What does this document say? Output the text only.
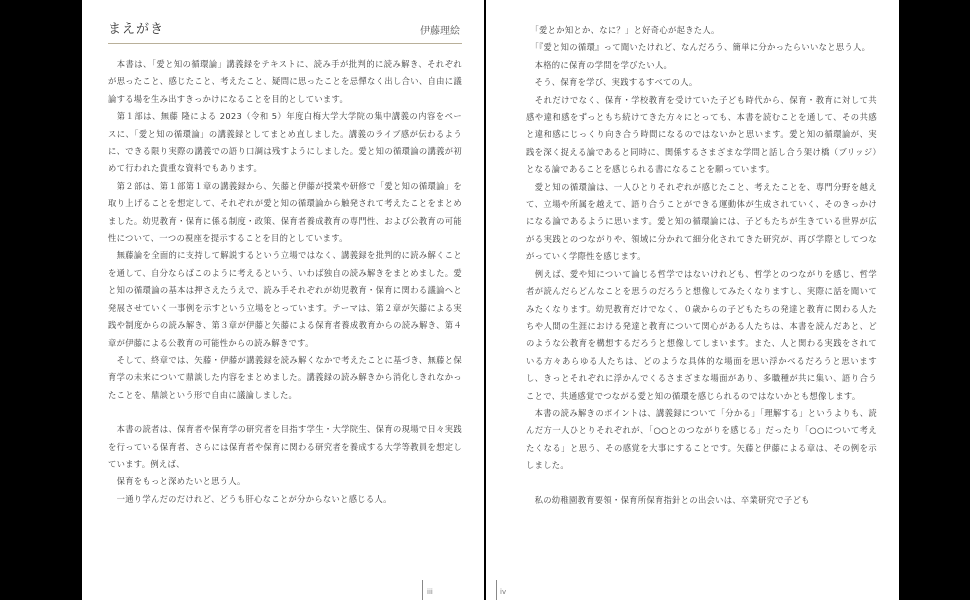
まえがき	伊藤理絵

　本書は、「愛と知の循環論」講義録をテキストに、読み手が批判的に読み解き、それぞれが思ったこと、感じたこと、考えたこと、疑問に思ったことを忌憚なく出し合い、自由に議論する場を生み出すきっかけになることを目的としています。

　第１部は、無藤 隆による 2023（令和 5）年度白梅大学大学院の集中講義の内容をベースに、「愛と知の循環論」の講義録としてまとめ直しました。講義のライブ感が伝わるように、できる限り実際の講義での語り口調は残すようにしました。愛と知の循環論の講義が初めて行われた貴重な資料でもあります。

　第２部は、第１部第１章の講義録から、矢藤と伊藤が授業や研修で「愛と知の循環論」を取り上げることを想定して、それぞれが愛と知の循環論から触発されて考えたことをまとめました。幼児教育・保育に係る制度・政策、保育者養成教育の専門性、および公教育の可能性について、一つの視座を提示することを目的としています。

　無藤論を全面的に支持して解説するという立場ではなく、講義録を批判的に読み解くことを通して、自分ならばこのように考えるという、いわば独自の読み解きをまとめました。愛と知の循環論の基本は押さえたうえで、読み手それぞれが幼児教育・保育に関わる議論へと発展させていく一事例を示すという立場をとっています。テーマは、第２章が矢藤による実践や制度からの読み解き、第３章が伊藤と矢藤による保育者養成教育からの読み解き、第４章が伊藤による公教育の可能性からの読み解きです。

　そして、終章では、矢藤・伊藤が講義録を読み解くなかで考えたことに基づき、無藤と保育学の未来について鼎談した内容をまとめました。講義録の読み解きから消化しきれなかったことを、鼎談という形で自由に議論しました。

　本書の読者は、保育者や保育学の研究者を目指す学生・大学院生、保育の現場で日々実践を行っている保育者、さらには保育者や保育に関わる研究者を養成する大学等教員を想定しています。例えば、

　保育をもっと深めたいと思う人。

　一通り学んだのだけれど、どうも肝心なことが分からないと感じる人。

iii

　「愛とか知とか、なに？」と好奇心が起きた人。

　「『愛と知の循環』って聞いたけれど、なんだろう、簡単に分かったらいいなと思う人。

　本格的に保育の学問を学びたい人。

　そう、保育を学び、実践するすべての人。

　それだけでなく、保育・学校教育を受けていた子ども時代から、保育・教育に対して共感や違和感をずっともち続けてきた方々にとっても、本書を読むことを通して、その共感と違和感にじっくり向き合う時間になるのではないかと思います。愛と知の循環論が、実践を深く捉える論であると同時に、関係するさまざまな学問と話し合う架け橋（ブリッジ）となる論であることを感じられる書になることを願っています。

　愛と知の循環論は、一人ひとりそれぞれが感じたこと、考えたことを、専門分野を越えて、立場や所属を越えて、語り合うことができる運動体が生成されていく、そのきっかけになる論であるように思います。愛と知の循環論には、子どもたちが生きている世界が広がる実践とのつながりや、領域に分かれて細分化されてきた研究が、再び学際としてつながっていく学際性を感じます。

　例えば、愛や知について論じる哲学ではないけれども、哲学とのつながりを感じ、哲学者が読んだらどんなことを思うのだろうと想像してみたくなりますし、実際に話を聞いてみたくなります。幼児教育だけでなく、０歳からの子どもたちの発達と教育に関わる人たちや人間の生涯における発達と教育について関心がある人たちは、本書を読んだあと、どのような公教育を構想するだろうと想像してしまいます。また、人と関わる実践をされている方々あらゆる人たちは、どのような具体的な場面を思い浮かべるだろうと思いますし、きっとそれぞれに浮かんでくるさまざまな場面があり、多職種が共に集い、語り合うことで、共通感覚でつながる愛と知の循環を感じられるのではないかとも想像します。

　本書の読み解きのポイントは、講義録について「分かる」「理解する」というよりも、読んだ方一人ひとりそれぞれが、「○○とのつながりを感じる」だったり「○○について考えたくなる」と思う、その感覚を大事にすることです。矢藤と伊藤による章は、その例を示しました。

　私の幼稚園教育要領・保育所保育指針との出会いは、卒業研究で子ども

iv
